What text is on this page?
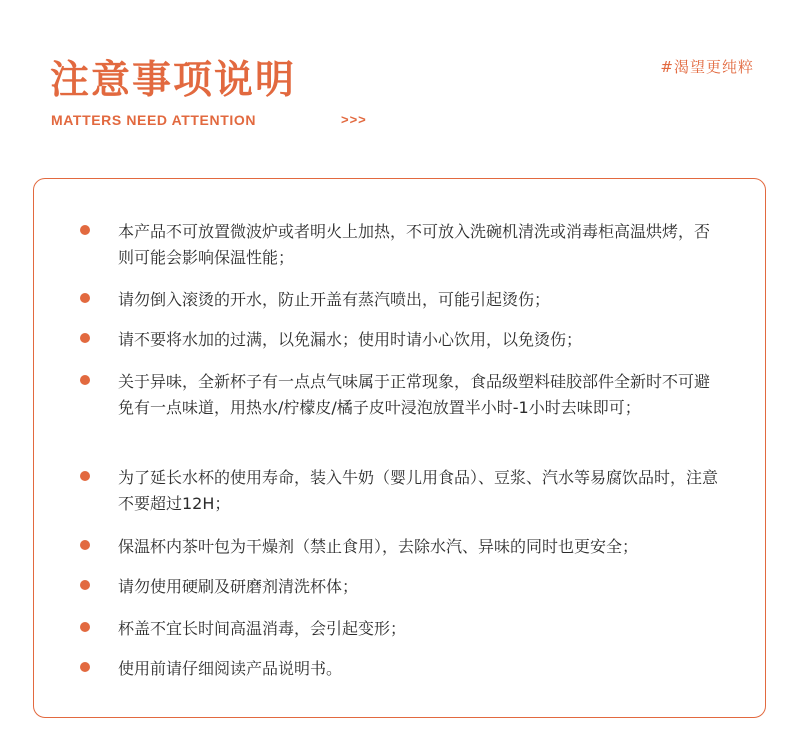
注意事项说明
MATTERS NEED ATTENTION	>>>
#渴望更纯粹
本产品不可放置微波炉或者明火上加热，不可放入洗碗机清洗或消毒柜高温烘烤，否则可能会影响保温性能；
请勿倒入滚烫的开水，防止开盖有蒸汽喷出，可能引起烫伤；
请不要将水加的过满，以免漏水；使用时请小心饮用，以免烫伤；
关于异味，全新杯子有一点点气味属于正常现象，食品级塑料硅胶部件全新时不可避免有一点味道，用热水/柠檬皮/橘子皮叶浸泡放置半小时-1小时去味即可；
为了延长水杯的使用寿命，装入牛奶（婴儿用食品）、豆浆、汽水等易腐饮品时，注意不要超过12H；
保温杯内茶叶包为干燥剂（禁止食用），去除水汽、异味的同时也更安全；
请勿使用硬刷及研磨剂清洗杯体；
杯盖不宜长时间高温消毒，会引起变形；
使用前请仔细阅读产品说明书。
